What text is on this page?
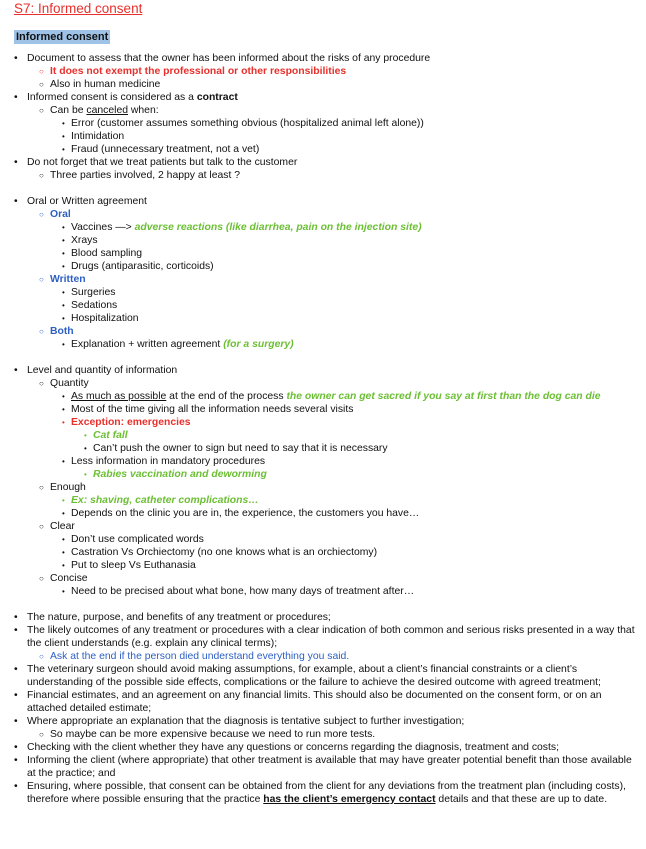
S7: Informed consent
Informed consent
• Document to assess that the owner has been informed about the risks of any procedure
○ It does not exempt the professional or other responsibilities
○ Also in human medicine
• Informed consent is considered as a contract
○ Can be canceled when:
• Error (customer assumes something obvious (hospitalized animal left alone))
• Intimidation
• Fraud (unnecessary treatment, not a vet)
• Do not forget that we treat patients but talk to the customer
○ Three parties involved, 2 happy at least ?
• Oral or Written agreement
○ Oral
• Vaccines —> adverse reactions (like diarrhea, pain on the injection site)
• Xrays
• Blood sampling
• Drugs (antiparasitic, corticoids)
○ Written
• Surgeries
• Sedations
• Hospitalization
○ Both
• Explanation + written agreement (for a surgery)
• Level and quantity of information
○ Quantity
• As much as possible at the end of the process the owner can get sacred if you say at first than the dog can die
• Most of the time giving all the information needs several visits
• Exception: emergencies
• Cat fall
• Can’t push the owner to sign but need to say that it is necessary
• Less information in mandatory procedures
• Rabies vaccination and deworming
○ Enough
• Ex: shaving, catheter complications…
• Depends on the clinic you are in, the experience, the customers you have…
○ Clear
• Don’t use complicated words
• Castration Vs Orchiectomy (no one knows what is an orchiectomy)
• Put to sleep Vs Euthanasia
○ Concise
• Need to be precised about what bone, how many days of treatment after…
• The nature, purpose, and benefits of any treatment or procedures;
• The likely outcomes of any treatment or procedures with a clear indication of both common and serious risks presented in a way that the client understands (e.g. explain any clinical terms);
○ Ask at the end if the person died understand everything you said.
• The veterinary surgeon should avoid making assumptions, for example, about a client’s financial constraints or a client’s understanding of the possible side effects, complications or the failure to achieve the desired outcome with agreed treatment;
• Financial estimates, and an agreement on any financial limits. This should also be documented on the consent form, or on an attached detailed estimate;
• Where appropriate an explanation that the diagnosis is tentative subject to further investigation;
○ So maybe can be more expensive because we need to run more tests.
• Checking with the client whether they have any questions or concerns regarding the diagnosis, treatment and costs;
• Informing the client (where appropriate) that other treatment is available that may have greater potential benefit than those available at the practice; and
• Ensuring, where possible, that consent can be obtained from the client for any deviations from the treatment plan (including costs), therefore where possible ensuring that the practice has the client’s emergency contact details and that these are up to date.
